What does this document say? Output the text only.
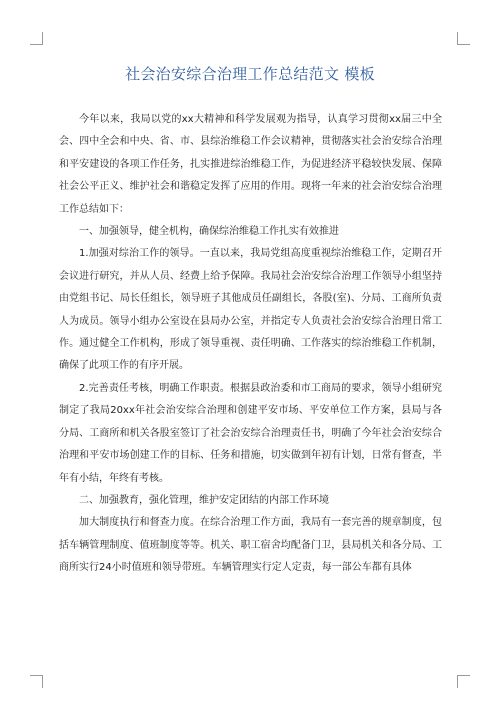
社会治安综合治理工作总结范文 模板

今年以来，我局以党的xx大精神和科学发展观为指导，认真学习贯彻xx届三中全会、四中全会和中央、省、市、县综治维稳工作会议精神，贯彻落实社会治安综合治理和平安建设的各项工作任务，扎实推进综治维稳工作，为促进经济平稳较快发展、保障社会公平正义、维护社会和谐稳定发挥了应用的作用。现将一年来的社会治安综合治理工作总结如下：

一、加强领导，健全机构，确保综治维稳工作扎实有效推进

1.加强对综治工作的领导。一直以来，我局党组高度重视综治维稳工作，定期召开会议进行研究，并从人员、经费上给予保障。我局社会治安综合治理工作领导小组坚持由党组书记、局长任组长，领导班子其他成员任副组长，各股(室)、分局、工商所负责人为成员。领导小组办公室设在县局办公室，并指定专人负责社会治安综合治理日常工作。通过健全工作机构，形成了领导重视、责任明确、工作落实的综治维稳工作机制，确保了此项工作的有序开展。

2.完善责任考核，明确工作职责。根据县政治委和市工商局的要求，领导小组研究制定了我局20xx年社会治安综合治理和创建平安市场、平安单位工作方案，县局与各分局、工商所和机关各股室签订了社会治安综合治理责任书，明确了今年社会治安综合治理和平安市场创建工作的目标、任务和措施，切实做到年初有计划，日常有督查，半年有小结，年终有考核。

二、加强教育，强化管理，维护安定团结的内部工作环境

加大制度执行和督查力度。在综合治理工作方面，我局有一套完善的规章制度，包括车辆管理制度、值班制度等等。机关、职工宿舍均配备门卫，县局机关和各分局、工商所实行24小时值班和领导带班。车辆管理实行定人定责，每一部公车都有具体
